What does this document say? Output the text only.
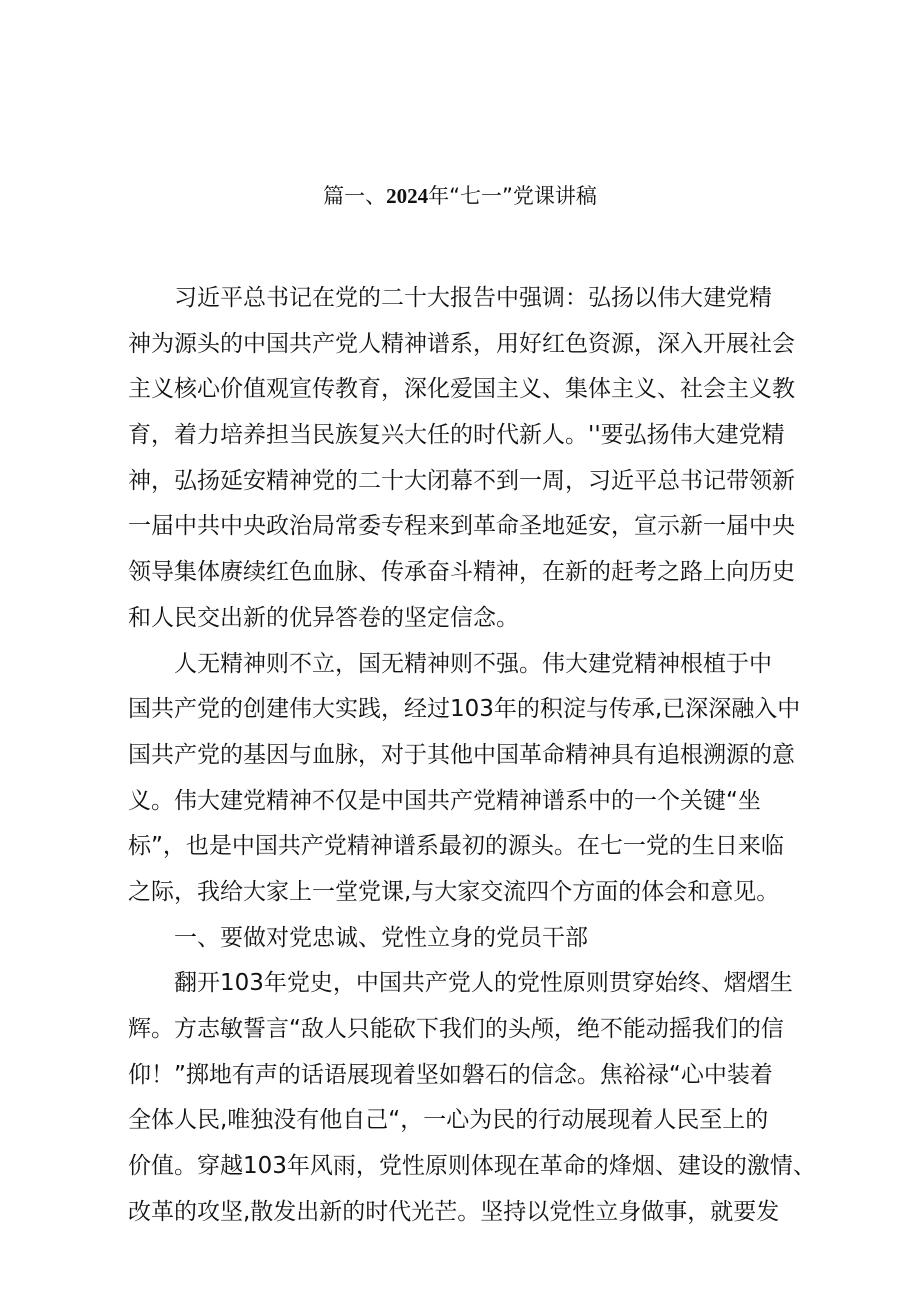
篇一、2024年“七一”党课讲稿
习近平总书记在党的二十大报告中强调：弘扬以伟大建党精
神为源头的中国共产党人精神谱系，用好红色资源，深入开展社会
主义核心价值观宣传教育，深化爱国主义、集体主义、社会主义教
育，着力培养担当民族复兴大任的时代新人。''要弘扬伟大建党精
神，弘扬延安精神党的二十大闭幕不到一周，习近平总书记带领新
一届中共中央政治局常委专程来到革命圣地延安，宣示新一届中央
领导集体赓续红色血脉、传承奋斗精神，在新的赶考之路上向历史
和人民交出新的优异答卷的坚定信念。
人无精神则不立，国无精神则不强。伟大建党精神根植于中
国共产党的创建伟大实践，经过103年的积淀与传承,已深深融入中
国共产党的基因与血脉，对于其他中国革命精神具有追根溯源的意
义。伟大建党精神不仅是中国共产党精神谱系中的一个关键“坐
标”，也是中国共产党精神谱系最初的源头。在七一党的生日来临
之际，我给大家上一堂党课,与大家交流四个方面的体会和意见。
一、要做对党忠诚、党性立身的党员干部
翻开103年党史，中国共产党人的党性原则贯穿始终、熠熠生
辉。方志敏誓言“敌人只能砍下我们的头颅，绝不能动摇我们的信
仰！”掷地有声的话语展现着坚如磐石的信念。焦裕禄“心中装着
全体人民,唯独没有他自己“，一心为民的行动展现着人民至上的
价值。穿越103年风雨，党性原则体现在革命的烽烟、建设的激情、
改革的攻坚,散发出新的时代光芒。坚持以党性立身做事，就要发
